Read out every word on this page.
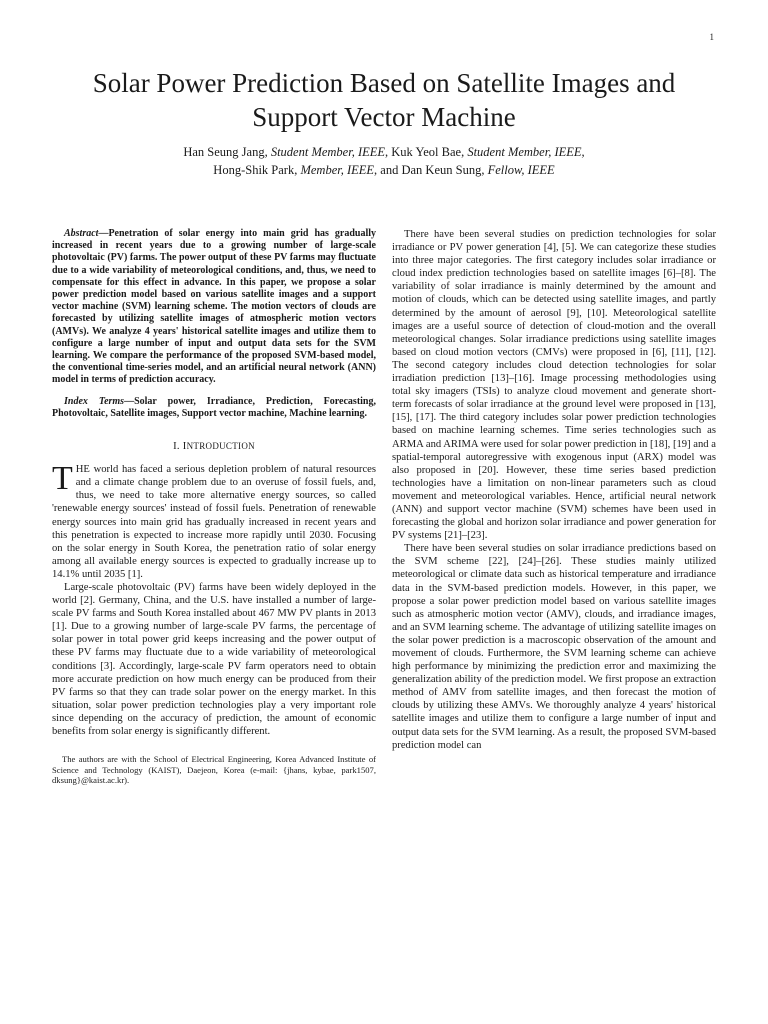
1
Solar Power Prediction Based on Satellite Images and Support Vector Machine
Han Seung Jang, Student Member, IEEE, Kuk Yeol Bae, Student Member, IEEE,
Hong-Shik Park, Member, IEEE, and Dan Keun Sung, Fellow, IEEE

Abstract—Penetration of solar energy into main grid has gradually increased in recent years due to a growing number of large-scale photovoltaic (PV) farms. The power output of these PV farms may fluctuate due to a wide variability of meteorological conditions, and, thus, we need to compensate for this effect in advance. In this paper, we propose a solar power prediction model based on various satellite images and a support vector machine (SVM) learning scheme. The motion vectors of clouds are forecasted by utilizing satellite images of atmospheric motion vectors (AMVs). We analyze 4 years' historical satellite images and utilize them to configure a large number of input and output data sets for the SVM learning. We compare the performance of the proposed SVM-based model, the conventional time-series model, and an artificial neural network (ANN) model in terms of prediction accuracy.

Index Terms—Solar power, Irradiance, Prediction, Forecasting, Photovoltaic, Satellite images, Support vector machine, Machine learning.

I. INTRODUCTION

THE world has faced a serious depletion problem of natural resources and a climate change problem due to an overuse of fossil fuels, and, thus, we need to take more alternative energy sources, so called 'renewable energy sources' instead of fossil fuels. Penetration of renewable energy sources into main grid has gradually increased in recent years and this penetration is expected to increase more rapidly until 2030. Focusing on the solar energy in South Korea, the penetration ratio of solar energy among all available energy sources is expected to gradually increase up to 14.1% until 2035 [1].

Large-scale photovoltaic (PV) farms have been widely deployed in the world [2]. Germany, China, and the U.S. have installed a number of large-scale PV farms and South Korea installed about 467 MW PV plants in 2013 [1]. Due to a growing number of large-scale PV farms, the percentage of solar power in total power grid keeps increasing and the power output of these PV farms may fluctuate due to a wide variability of meteorological conditions [3]. Accordingly, large-scale PV farm operators need to obtain more accurate prediction on how much energy can be produced from their PV farms so that they can trade solar power on the energy market. In this situation, solar power prediction technologies play a very important role since depending on the accuracy of prediction, the amount of economic benefits from solar energy is significantly different.

The authors are with the School of Electrical Engineering, Korea Advanced Institute of Science and Technology (KAIST), Daejeon, Korea (e-mail: {jhans, kybae, park1507, dksung}@kaist.ac.kr).

There have been several studies on prediction technologies for solar irradiance or PV power generation [4], [5]. We can categorize these studies into three major categories. The first category includes solar irradiance or cloud index prediction technologies based on satellite images [6]–[8]. The variability of solar irradiance is mainly determined by the amount and motion of clouds, which can be detected using satellite images, and partly determined by the amount of aerosol [9], [10]. Meteorological satellite images are a useful source of detection of cloud-motion and the overall meteorological changes. Solar irradiance predictions using satellite images based on cloud motion vectors (CMVs) were proposed in [6], [11], [12]. The second category includes cloud detection technologies for solar irradiation prediction [13]–[16]. Image processing methodologies using total sky imagers (TSIs) to analyze cloud movement and generate short-term forecasts of solar irradiance at the ground level were proposed in [13], [15], [17]. The third category includes solar power prediction technologies based on machine learning schemes. Time series technologies such as ARMA and ARIMA were used for solar power prediction in [18], [19] and a spatial-temporal autoregressive with exogenous input (ARX) model was also proposed in [20]. However, these time series based prediction technologies have a limitation on non-linear parameters such as cloud movement and meteorological variables. Hence, artificial neural network (ANN) and support vector machine (SVM) schemes have been used in forecasting the global and horizon solar irradiance and power generation for PV systems [21]–[23].

There have been several studies on solar irradiance predictions based on the SVM scheme [22], [24]–[26]. These studies mainly utilized meteorological or climate data such as historical temperature and irradiance data in the SVM-based prediction models. However, in this paper, we propose a solar power prediction model based on various satellite images such as atmospheric motion vector (AMV), clouds, and irradiance images, and an SVM learning scheme. The advantage of utilizing satellite images on the solar power prediction is a macroscopic observation of the amount and movement of clouds. Furthermore, the SVM learning scheme can achieve high performance by minimizing the prediction error and maximizing the generalization ability of the prediction model. We first propose an extraction method of AMV from satellite images, and then forecast the motion of clouds by utilizing these AMVs. We thoroughly analyze 4 years' historical satellite images and utilize them to configure a large number of input and output data sets for the SVM learning. As a result, the proposed SVM-based prediction model can
